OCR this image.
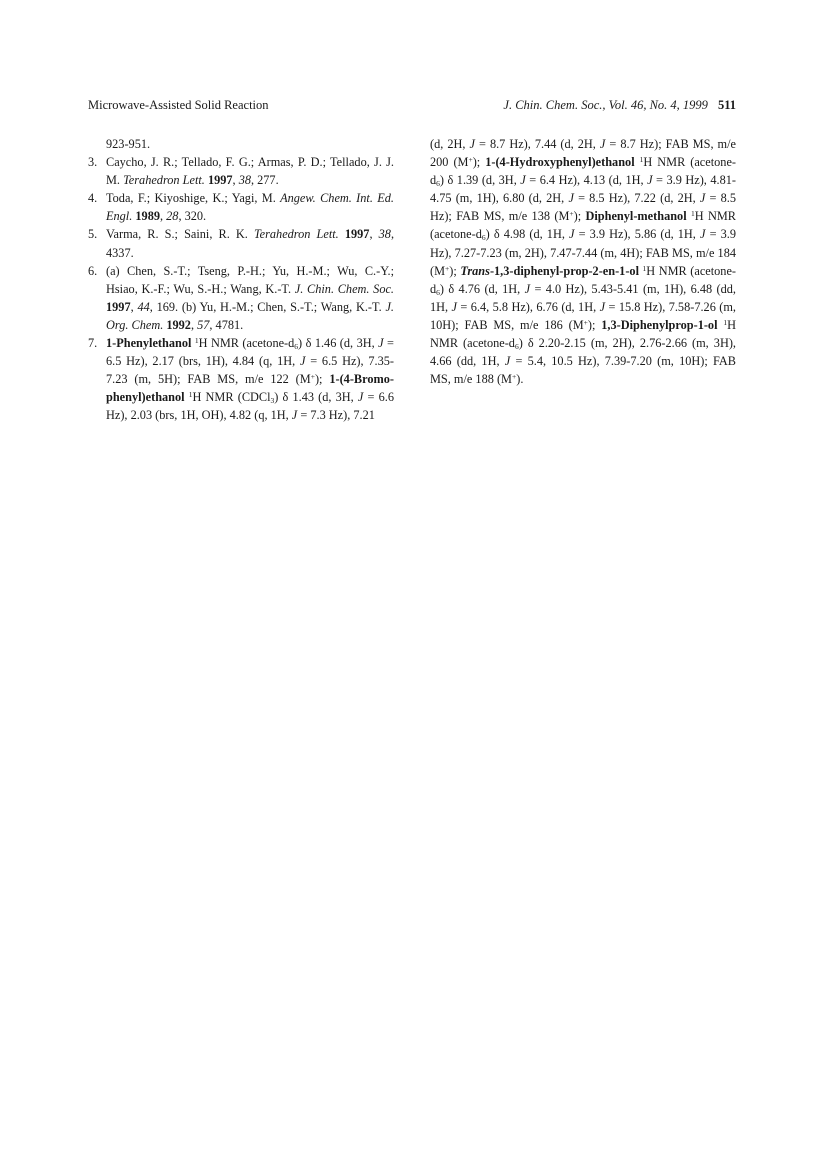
Microwave-Assisted Solid Reaction	J. Chin. Chem. Soc., Vol. 46, No. 4, 1999 511
923-951.
3. Caycho, J. R.; Tellado, F. G.; Armas, P. D.; Tellado, J. J. M. Terahedron Lett. 1997, 38, 277.
4. Toda, F.; Kiyoshige, K.; Yagi, M. Angew. Chem. Int. Ed. Engl. 1989, 28, 320.
5. Varma, R. S.; Saini, R. K. Terahedron Lett. 1997, 38, 4337.
6. (a) Chen, S.-T.; Tseng, P.-H.; Yu, H.-M.; Wu, C.-Y.; Hsiao, K.-F.; Wu, S.-H.; Wang, K.-T. J. Chin. Chem. Soc. 1997, 44, 169. (b) Yu, H.-M.; Chen, S.-T.; Wang, K.-T. J. Org. Chem. 1992, 57, 4781.
7. 1-Phenylethanol $^1$H NMR $(acetone-d_6)$ δ 1.46 (d, 3H, J = 6.5 Hz), 2.17 (brs, 1H), 4.84 (q, 1H, J = 6.5 Hz), 7.35-7.23 (m, 5H); FAB MS, m/e 122 (M+); 1-(4-Bromo-phenyl)ethanol $^1$H NMR (CDCl$_3$) δ 1.43 (d, 3H, J = 6.6 Hz), 2.03 (brs, 1H, OH), 4.82 (q, 1H, J = 7.3 Hz), 7.21
(d, 2H, J = 8.7 Hz), 7.44 (d, 2H, J = 8.7 Hz); FAB MS, m/e 200 (M+); 1-(4-Hydroxyphenyl)ethanol $^1$H NMR $(acetone-d_6)$ δ 1.39 (d, 3H, J = 6.4 Hz), 4.13 (d, 1H, J = 3.9 Hz), 4.81-4.75 (m, 1H), 6.80 (d, 2H, J = 8.5 Hz), 7.22 (d, 2H, J = 8.5 Hz); FAB MS, m/e 138 (M+); Diphenyl-methanol $^1$H NMR $(acetone-d_6)$ δ 4.98 (d, 1H, J = 3.9 Hz), 5.86 (d, 1H, J = 3.9 Hz), 7.27-7.23 (m, 2H), 7.47-7.44 (m, 4H); FAB MS, m/e 184 (M+); Trans-1,3-diphenyl-prop-2-en-1-ol $^1$H NMR $(acetone-d_6)$ δ 4.76 (d, 1H, J = 4.0 Hz), 5.43-5.41 (m, 1H), 6.48 (dd, 1H, J = 6.4, 5.8 Hz), 6.76 (d, 1H, J = 15.8 Hz), 7.58-7.26 (m, 10H); FAB MS, m/e 186 (M+); 1,3-Diphenylprop-1-ol $^1$H NMR $(acetone-d_6)$ δ 2.20-2.15 (m, 2H), 2.76-2.66 (m, 3H), 4.66 (dd, 1H, J = 5.4, 10.5 Hz), 7.39-7.20 (m, 10H); FAB MS, m/e 188 (M+).
